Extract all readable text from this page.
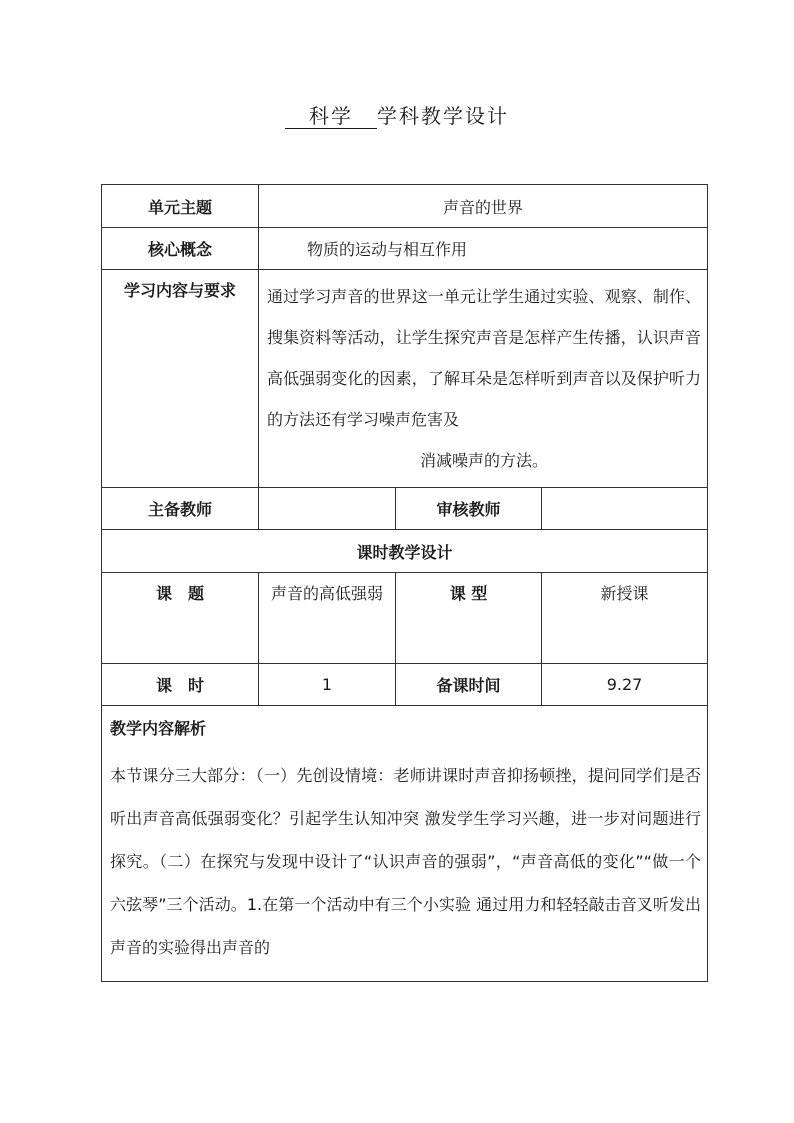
科学 学科教学设计
单元主题	声音的世界		
核心概念	物质的运动与相互作用		
学习内容与要求	通过学习声音的世界这一单元让学生通过实验、观察、制作、搜集资料等活动，让学生探究声音是怎样产生传播，认识声音高低强弱变化的因素，了解耳朵是怎样听到声音以及保护听力的方法还有学习噪声危害及
消减噪声的方法。		

主备教师		审核教师	
课时教学设计			
课　题	声音的高低强弱	课 型	新授课
课　时	1	备课时间	9.27

教学内容解析
本节课分三大部分：（一）先创设情境：老师讲课时声音抑扬顿挫，提问同学们是否听出声音高低强弱变化？引起学生认知冲突 激发学生学习兴趣，进一步对问题进行探究。（二）在探究与发现中设计了“认识声音的强弱”，“声音高低的变化”“做一个六弦琴”三个活动。1.在第一个活动中有三个小实验 通过用力和轻轻敲击音叉听发出声音的实验得出声音的			
